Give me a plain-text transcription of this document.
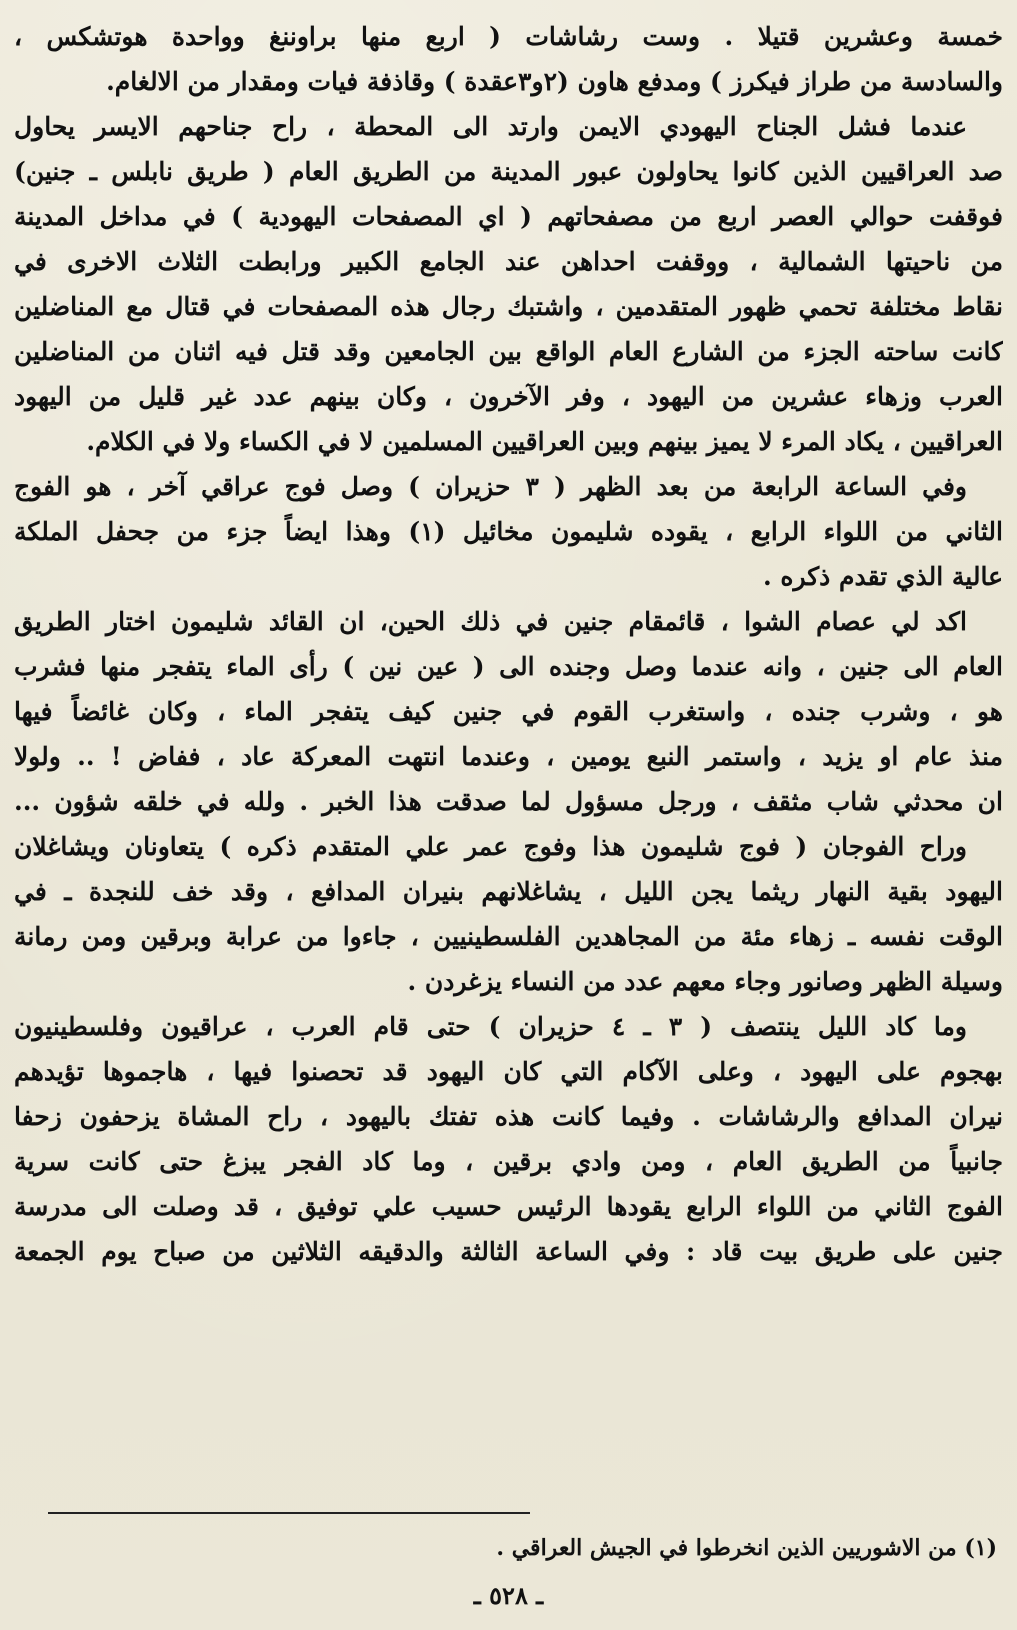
خمسة وعشرين قتيلا . وست رشاشات ( اربع منها براوننغ وواحدة هوتشكس ،
والسادسة من طراز فيكرز ) ومدفع هاون (٢و٣عقدة ) وقاذفة فيات ومقدار من الالغام.
عندما فشل الجناح اليهودي الايمن وارتد الى المحطة ، راح جناحهم الايسر يحاول
صد العراقيين الذين كانوا يحاولون عبور المدينة من الطريق العام ( طريق نابلس ـ جنين)
فوقفت حوالي العصر اربع من مصفحاتهم ( اي المصفحات اليهودية ) في مداخل المدينة
من ناحيتها الشمالية ، ووقفت احداهن عند الجامع الكبير ورابطت الثلاث الاخرى في
نقاط مختلفة تحمي ظهور المتقدمين ، واشتبك رجال هذه المصفحات في قتال مع المناضلين
كانت ساحته الجزء من الشارع العام الواقع بين الجامعين وقد قتل فيه اثنان من المناضلين
العرب وزهاء عشرين من اليهود ، وفر الآخرون ، وكان بينهم عدد غير قليل من اليهود
العراقيين ، يكاد المرء لا يميز بينهم وبين العراقيين المسلمين لا في الكساء ولا في الكلام.
وفي الساعة الرابعة من بعد الظهر ( ٣ حزيران ) وصل فوج عراقي آخر ، هو الفوج
الثاني من اللواء الرابع ، يقوده شليمون مخائيل (١) وهذا ايضاً جزء من جحفل الملكة
عالية الذي تقدم ذكره .
اكد لي عصام الشوا ، قائمقام جنين في ذلك الحين، ان القائد شليمون اختار الطريق
العام الى جنين ، وانه عندما وصل وجنده الى ( عين نين ) رأى الماء يتفجر منها فشرب
هو ، وشرب جنده ، واستغرب القوم في جنين كيف يتفجر الماء ، وكان غائضاً فيها
منذ عام او يزيد ، واستمر النبع يومين ، وعندما انتهت المعركة عاد ، ففاض ! .. ولولا
ان محدثي شاب مثقف ، ورجل مسؤول لما صدقت هذا الخبر . ولله في خلقه شؤون ...
وراح الفوجان ( فوج شليمون هذا وفوج عمر علي المتقدم ذكره ) يتعاونان ويشاغلان
اليهود بقية النهار ريثما يجن الليل ، يشاغلانهم بنيران المدافع ، وقد خف للنجدة ـ في
الوقت نفسه ـ زهاء مئة من المجاهدين الفلسطينيين ، جاءوا من عرابة وبرقين ومن رمانة
وسيلة الظهر وصانور وجاء معهم عدد من النساء يزغردن .
وما كاد الليل ينتصف ( ٣ ـ ٤ حزيران ) حتى قام العرب ، عراقيون وفلسطينيون
بهجوم على اليهود ، وعلى الآكام التي كان اليهود قد تحصنوا فيها ، هاجموها تؤيدهم
نيران المدافع والرشاشات . وفيما كانت هذه تفتك باليهود ، راح المشاة يزحفون زحفا
جانبياً من الطريق العام ، ومن وادي برقين ، وما كاد الفجر يبزغ حتى كانت سرية
الفوج الثاني من اللواء الرابع يقودها الرئيس حسيب علي توفيق ، قد وصلت الى مدرسة
جنين على طريق بيت قاد : وفي الساعة الثالثة والدقيقه الثلاثين من صباح يوم الجمعة
(١) من الاشوريين الذين انخرطوا في الجيش العراقي .
ـ ٥٢٨ ـ
